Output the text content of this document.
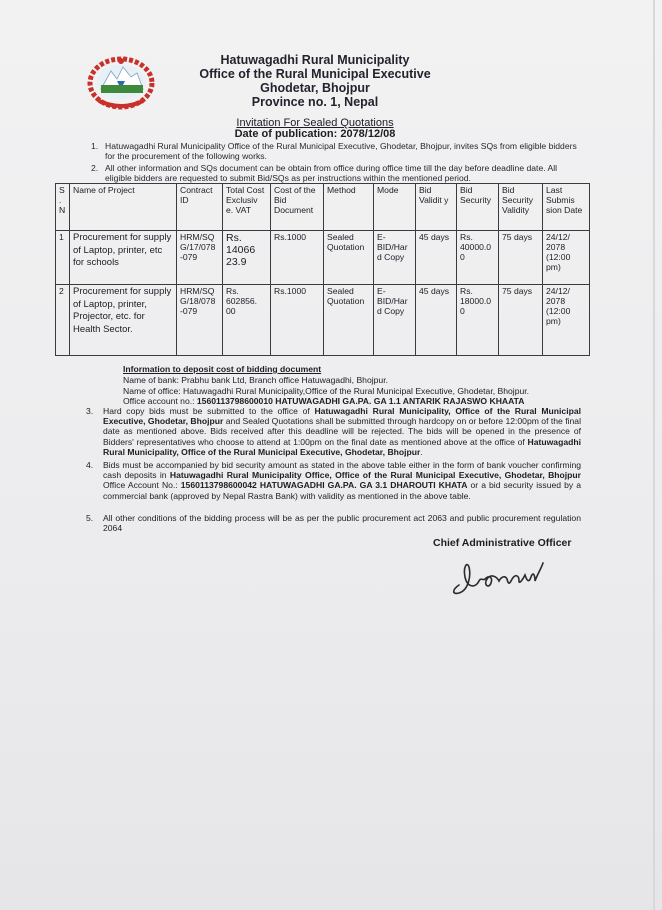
Hatuwagadhi Rural Municipality
Office of the Rural Municipal Executive
Ghodetar, Bhojpur
Province no. 1, Nepal
Invitation For Sealed Quotations
Date of publication: 2078/12/08
1. Hatuwagadhi Rural Municipality Office of the Rural Municipal Executive, Ghodetar, Bhojpur, invites SQs from eligible bidders
for the procurement of the following works.
2. All other information and SQs document can be obtain from office during office time till the day before deadline date. All
eligible bidders are requested to submit Bid/SQs as per instructions within the mentioned period.
S . N	Name of Project	Contract ID	Total Cost Exclusiv e. VAT	Cost of the Bid Document	Method	Mode	Bid Validit y	Bid Security	Bid Security Validity	Last Submis sion Date
1	Procurement for supply of Laptop, printer, etc for schools	HRM/SQ G/17/078 -079	Rs. 14066 23.9	Rs.1000	Sealed Quotation	E-BID/Har d Copy	45 days	Rs. 40000.0 0	75 days	24/12/ 2078 (12:00 pm)
2	Procurement for supply of Laptop, printer, Projector, etc. for Health Sector.	HRM/SQ G/18/078 -079	Rs. 602856. 00	Rs.1000	Sealed Quotation	E-BID/Har d Copy	45 days	Rs. 18000.0 0	75 days	24/12/ 2078 (12:00 pm)
Information to deposit cost of bidding document
Name of bank: Prabhu bank Ltd, Branch office Hatuwagadhi, Bhojpur.
Name of office: Hatuwagadhi Rural Municipality,Office of the Rural Municipal Executive, Ghodetar, Bhojpur.
Office account no.: 1560113798600010 HATUWAGADHI GA.PA. GA 1.1 ANTARIK RAJASWO KHAATA
3. Hard copy bids must be submitted to the office of Hatuwagadhi Rural Municipality, Office of the Rural Municipal Executive, Ghodetar, Bhojpur and Sealed Quotations shall be submitted through hardcopy on or before 12:00pm of the final date as mentioned above. Bids received after this deadline will be rejected. The bids will be opened in the presence of Bidders' representatives who choose to attend at 1:00pm on the final date as mentioned above at the office of Hatuwagadhi Rural Municipality, Office of the Rural Municipal Executive, Ghodetar, Bhojpur.
4. Bids must be accompanied by bid security amount as stated in the above table either in the form of bank voucher confirming cash deposits in Hatuwagadhi Rural Municipality Office, Office of the Rural Municipal Executive, Ghodetar, Bhojpur Office Account No.: 1560113798600042 HATUWAGADHI GA.PA. GA 3.1 DHAROUTI KHATA or a bid security issued by a commercial bank (approved by Nepal Rastra Bank) with validity as mentioned in the above table.
5. All other conditions of the bidding process will be as per the public procurement act 2063 and public procurement regulation 2064
Chief Administrative Officer
